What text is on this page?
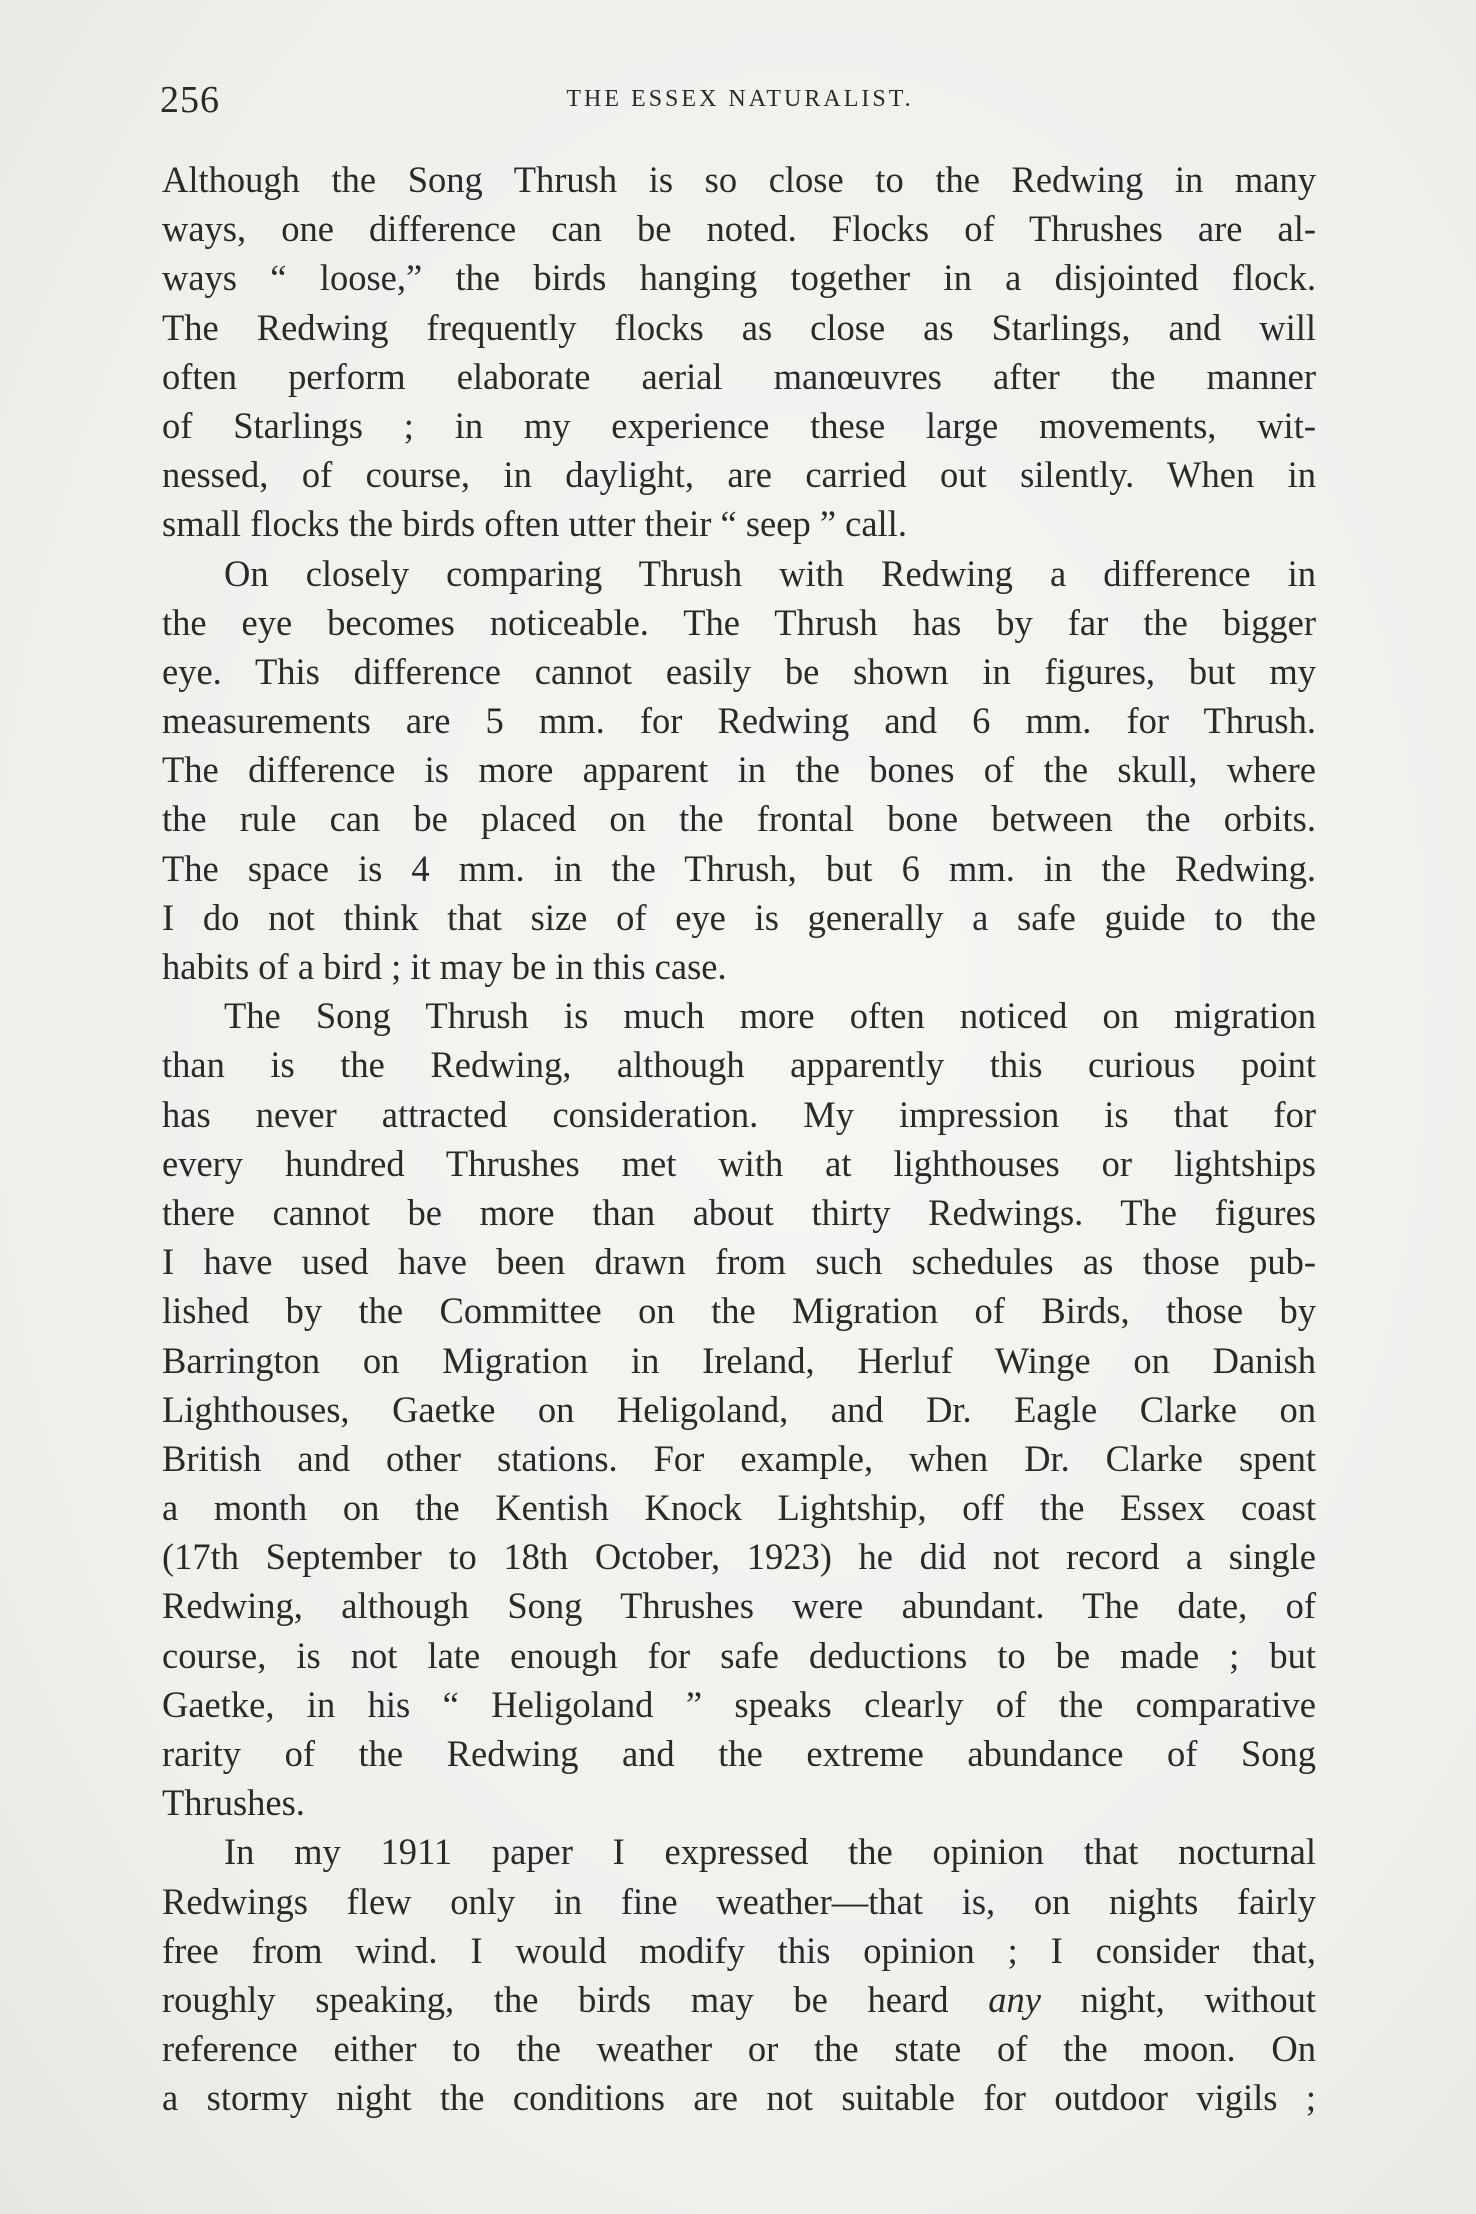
256	THE ESSEX NATURALIST.
Although the Song Thrush is so close to the Redwing in many
ways, one difference can be noted. Flocks of Thrushes are al-
ways “ loose,” the birds hanging together in a disjointed flock.
The Redwing frequently flocks as close as Starlings, and will
often perform elaborate aerial manœuvres after the manner
of Starlings ; in my experience these large movements, wit-
nessed, of course, in daylight, are carried out silently. When in
small flocks the birds often utter their “ seep ” call.
On closely comparing Thrush with Redwing a difference in
the eye becomes noticeable. The Thrush has by far the bigger
eye. This difference cannot easily be shown in figures, but my
measurements are 5 mm. for Redwing and 6 mm. for Thrush.
The difference is more apparent in the bones of the skull, where
the rule can be placed on the frontal bone between the orbits.
The space is 4 mm. in the Thrush, but 6 mm. in the Redwing.
I do not think that size of eye is generally a safe guide to the
habits of a bird ; it may be in this case.
The Song Thrush is much more often noticed on migration
than is the Redwing, although apparently this curious point
has never attracted consideration. My impression is that for
every hundred Thrushes met with at lighthouses or lightships
there cannot be more than about thirty Redwings. The figures
I have used have been drawn from such schedules as those pub-
lished by the Committee on the Migration of Birds, those by
Barrington on Migration in Ireland, Herluf Winge on Danish
Lighthouses, Gaetke on Heligoland, and Dr. Eagle Clarke on
British and other stations. For example, when Dr. Clarke spent
a month on the Kentish Knock Lightship, off the Essex coast
(17th September to 18th October, 1923) he did not record a single
Redwing, although Song Thrushes were abundant. The date, of
course, is not late enough for safe deductions to be made ; but
Gaetke, in his “ Heligoland ” speaks clearly of the comparative
rarity of the Redwing and the extreme abundance of Song
Thrushes.
In my 1911 paper I expressed the opinion that nocturnal
Redwings flew only in fine weather—that is, on nights fairly
free from wind. I would modify this opinion ; I consider that,
roughly speaking, the birds may be heard any night, without
reference either to the weather or the state of the moon. On
a stormy night the conditions are not suitable for outdoor vigils ;
